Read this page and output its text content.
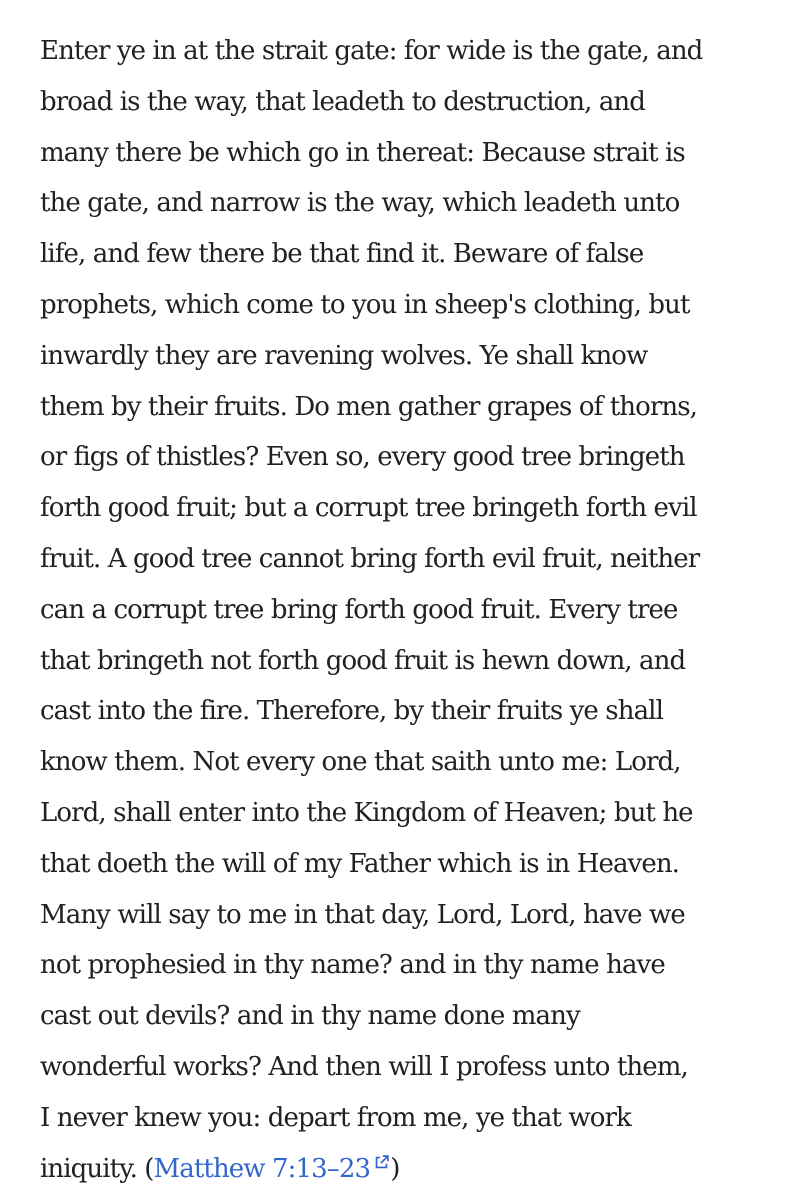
Enter ye in at the strait gate: for wide is the gate, and
broad is the way, that leadeth to destruction, and
many there be which go in thereat: Because strait is
the gate, and narrow is the way, which leadeth unto
life, and few there be that find it. Beware of false
prophets, which come to you in sheep's clothing, but
inwardly they are ravening wolves. Ye shall know
them by their fruits. Do men gather grapes of thorns,
or figs of thistles? Even so, every good tree bringeth
forth good fruit; but a corrupt tree bringeth forth evil
fruit. A good tree cannot bring forth evil fruit, neither
can a corrupt tree bring forth good fruit. Every tree
that bringeth not forth good fruit is hewn down, and
cast into the fire. Therefore, by their fruits ye shall
know them. Not every one that saith unto me: Lord,
Lord, shall enter into the Kingdom of Heaven; but he
that doeth the will of my Father which is in Heaven.
Many will say to me in that day, Lord, Lord, have we
not prophesied in thy name? and in thy name have
cast out devils? and in thy name done many
wonderful works? And then will I profess unto them,
I never knew you: depart from me, ye that work
iniquity. (Matthew 7:13–23 )
